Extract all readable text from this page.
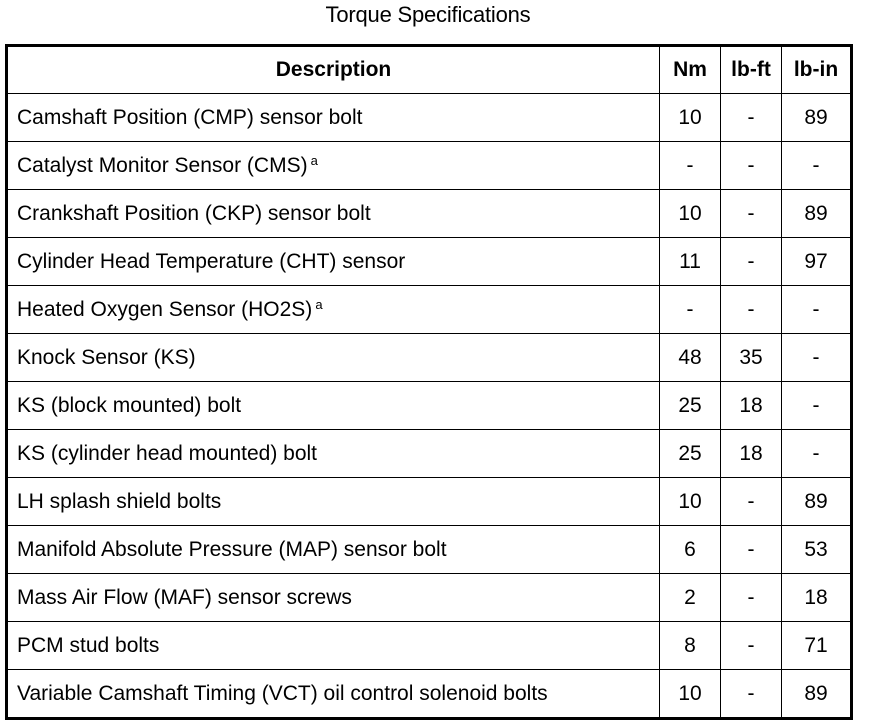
Torque Specifications
Description	Nm	lb-ft	lb-in
Camshaft Position (CMP) sensor bolt	10	-	89
Catalyst Monitor Sensor (CMS) $^a$	-	-	-
Crankshaft Position (CKP) sensor bolt	10	-	89
Cylinder Head Temperature (CHT) sensor	11	-	97
Heated Oxygen Sensor (HO2S) $^a$	-	-	-
Knock Sensor (KS)	48	35	-
KS (block mounted) bolt	25	18	-
KS (cylinder head mounted) bolt	25	18	-
LH splash shield bolts	10	-	89
Manifold Absolute Pressure (MAP) sensor bolt	6	-	53
Mass Air Flow (MAF) sensor screws	2	-	18
PCM stud bolts	8	-	71
Variable Camshaft Timing (VCT) oil control solenoid bolts	10	-	89
